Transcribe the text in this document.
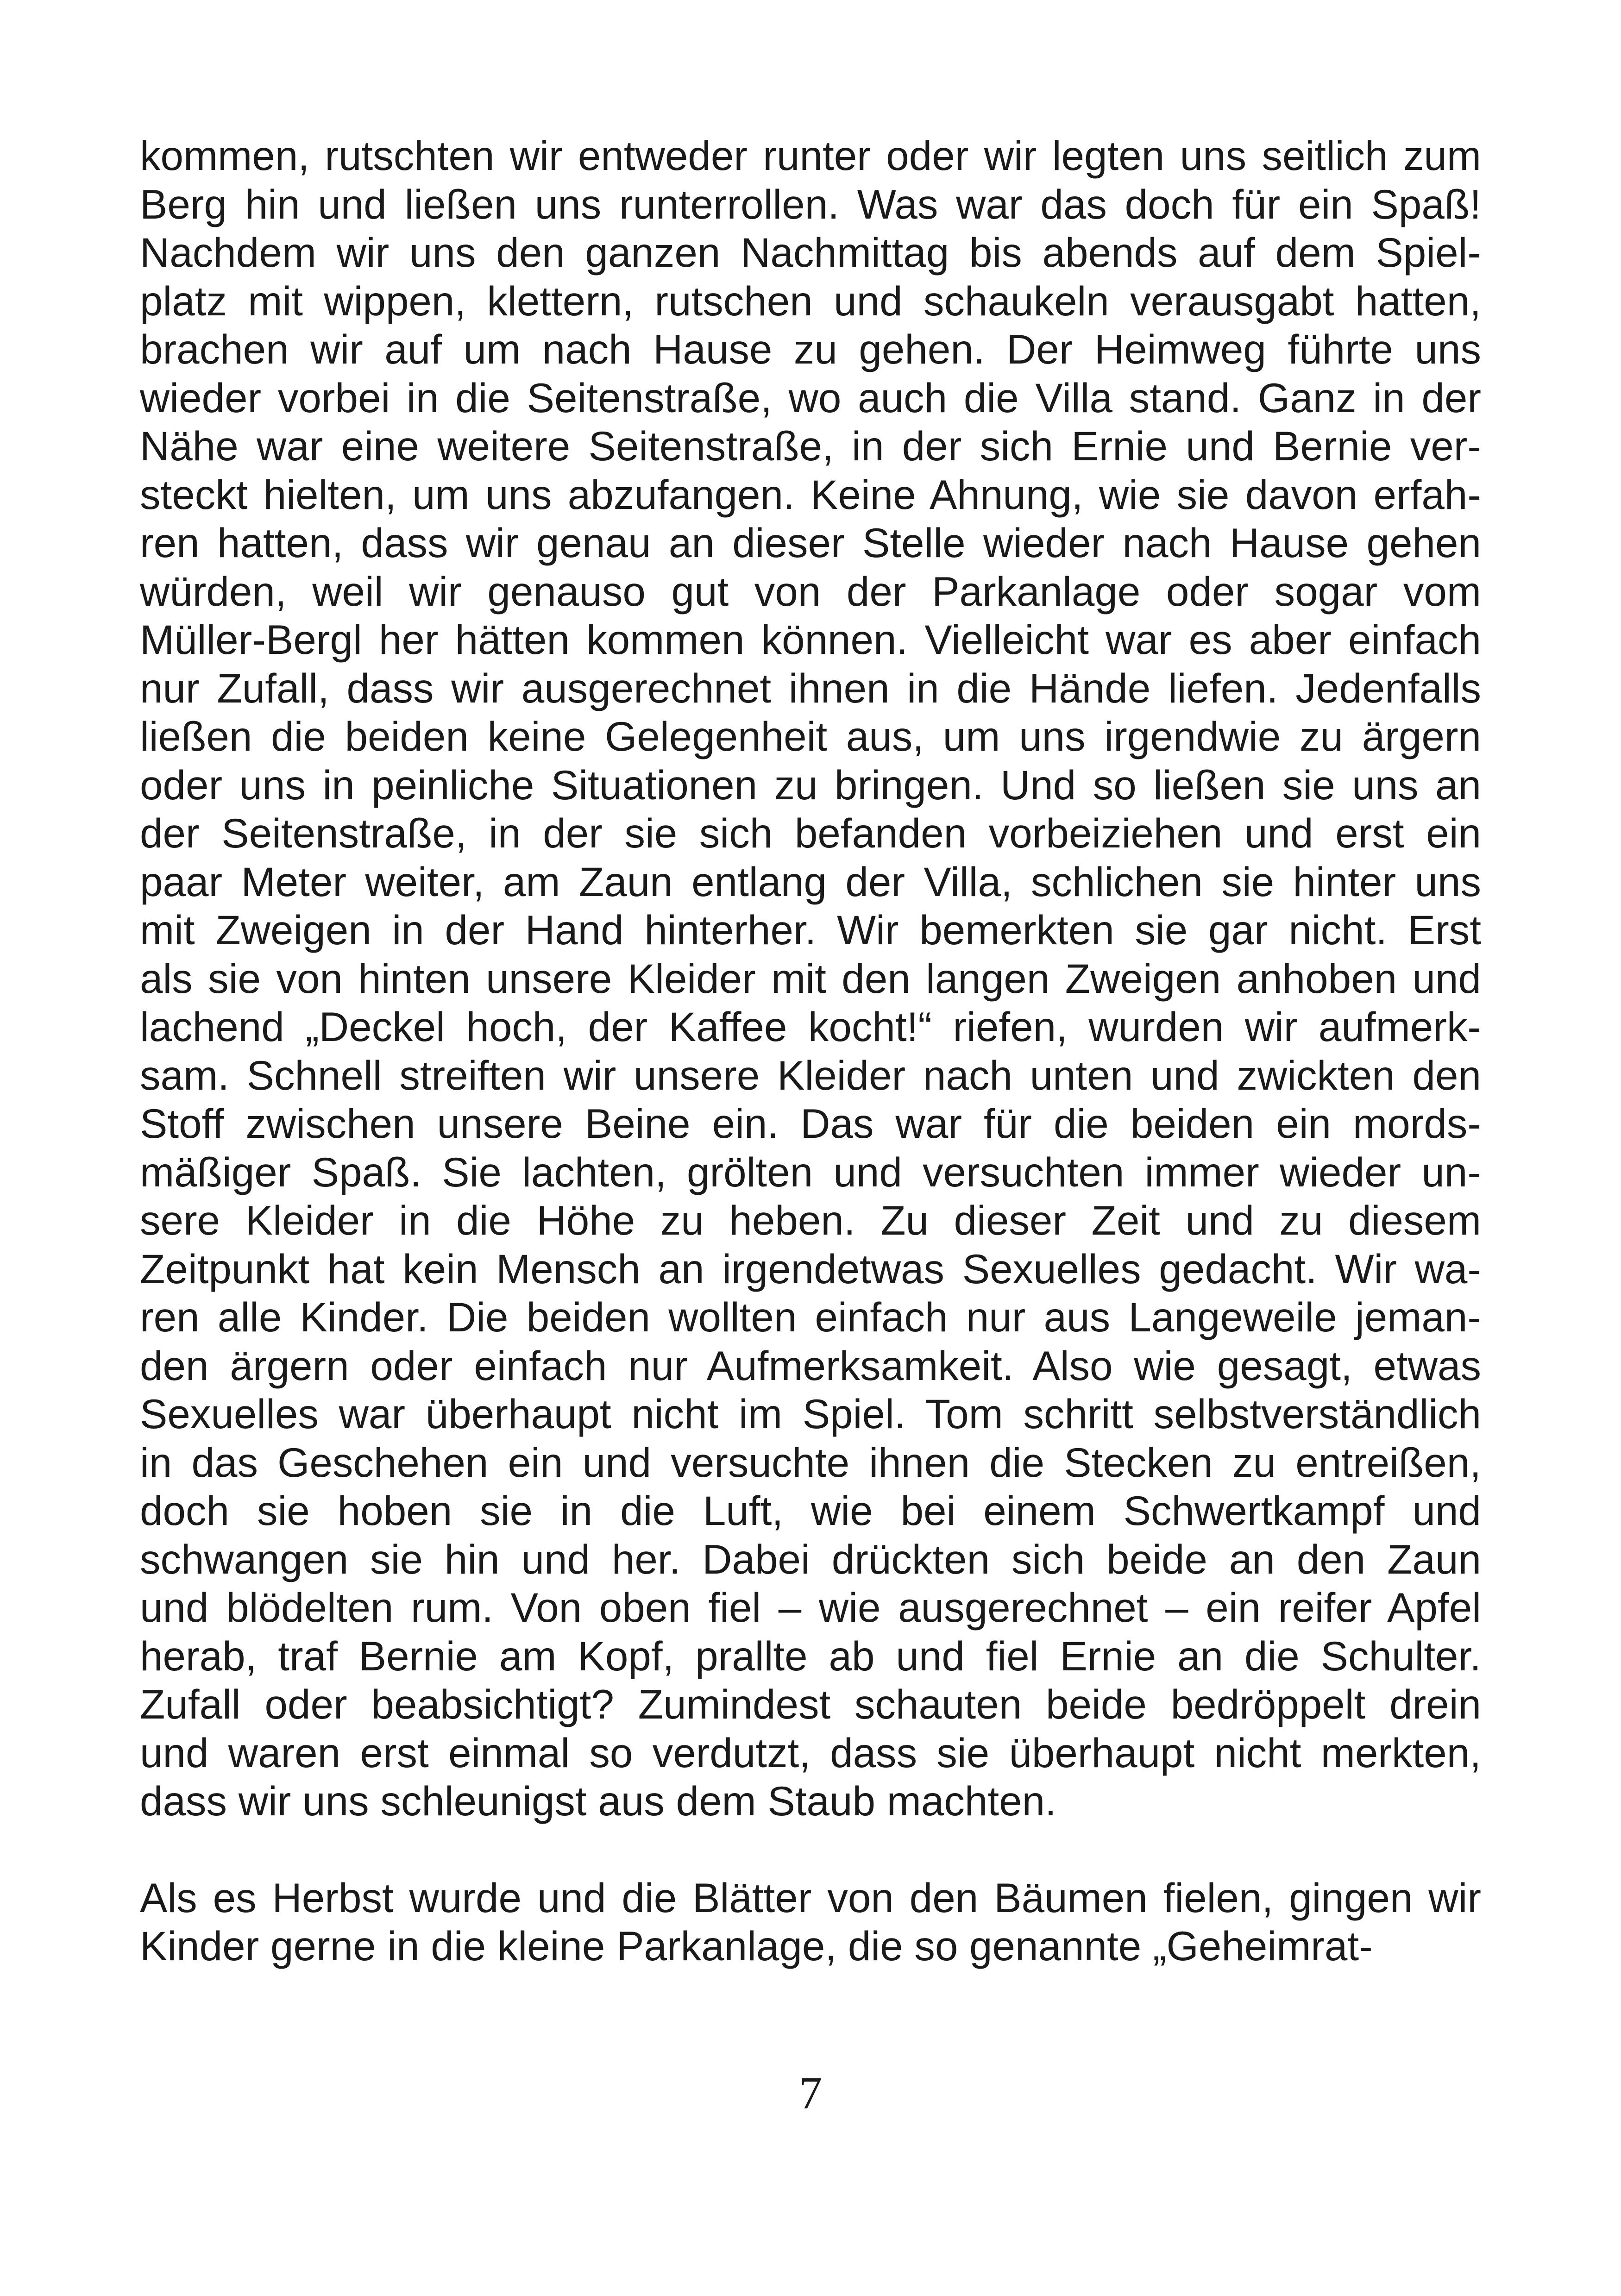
kommen, rutschten wir entweder runter oder wir legten uns seitlich zum
Berg hin und ließen uns runterrollen. Was war das doch für ein Spaß!
Nachdem wir uns den ganzen Nachmittag bis abends auf dem Spiel-
platz mit wippen, klettern, rutschen und schaukeln verausgabt hatten,
brachen wir auf um nach Hause zu gehen. Der Heimweg führte uns
wieder vorbei in die Seitenstraße, wo auch die Villa stand. Ganz in der
Nähe war eine weitere Seitenstraße, in der sich Ernie und Bernie ver-
steckt hielten, um uns abzufangen. Keine Ahnung, wie sie davon erfah-
ren hatten, dass wir genau an dieser Stelle wieder nach Hause gehen
würden, weil wir genauso gut von der Parkanlage oder sogar vom
Müller-Bergl her hätten kommen können. Vielleicht war es aber einfach
nur Zufall, dass wir ausgerechnet ihnen in die Hände liefen. Jedenfalls
ließen die beiden keine Gelegenheit aus, um uns irgendwie zu ärgern
oder uns in peinliche Situationen zu bringen. Und so ließen sie uns an
der Seitenstraße, in der sie sich befanden vorbeiziehen und erst ein
paar Meter weiter, am Zaun entlang der Villa, schlichen sie hinter uns
mit Zweigen in der Hand hinterher. Wir bemerkten sie gar nicht. Erst
als sie von hinten unsere Kleider mit den langen Zweigen anhoben und
lachend „Deckel hoch, der Kaffee kocht!“ riefen, wurden wir aufmerk-
sam. Schnell streiften wir unsere Kleider nach unten und zwickten den
Stoff zwischen unsere Beine ein. Das war für die beiden ein mords-
mäßiger Spaß. Sie lachten, grölten und versuchten immer wieder un-
sere Kleider in die Höhe zu heben. Zu dieser Zeit und zu diesem
Zeitpunkt hat kein Mensch an irgendetwas Sexuelles gedacht. Wir wa-
ren alle Kinder. Die beiden wollten einfach nur aus Langeweile jeman-
den ärgern oder einfach nur Aufmerksamkeit. Also wie gesagt, etwas
Sexuelles war überhaupt nicht im Spiel. Tom schritt selbstverständlich
in das Geschehen ein und versuchte ihnen die Stecken zu entreißen,
doch sie hoben sie in die Luft, wie bei einem Schwertkampf und
schwangen sie hin und her. Dabei drückten sich beide an den Zaun
und blödelten rum. Von oben fiel – wie ausgerechnet – ein reifer Apfel
herab, traf Bernie am Kopf, prallte ab und fiel Ernie an die Schulter.
Zufall oder beabsichtigt? Zumindest schauten beide bedröppelt drein
und waren erst einmal so verdutzt, dass sie überhaupt nicht merkten,
dass wir uns schleunigst aus dem Staub machten.
Als es Herbst wurde und die Blätter von den Bäumen fielen, gingen wir
Kinder gerne in die kleine Parkanlage, die so genannte „Geheimrat-
7
